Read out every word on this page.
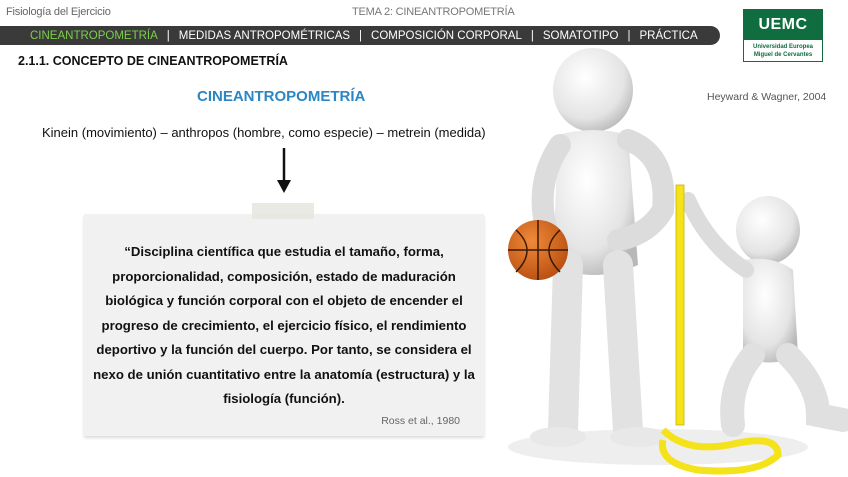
Fisiología del Ejercicio	TEMA 2: CINEANTROPOMETRÍA
UEMC
Universidad Europea
Miguel de Cervantes
CINEANTROPOMETRÍA | MEDIDAS ANTROPOMÉTRICAS | COMPOSICIÓN CORPORAL | SOMATOTIPO | PRÁCTICA
2.1.1. CONCEPTO DE CINEANTROPOMETRÍA
CINEANTROPOMETRÍA	Heyward & Wagner, 2004
Kinein (movimiento) – anthropos (hombre, como especie) – metrein (medida)
“Disciplina científica que estudia el tamaño, forma, proporcionalidad, composición, estado de maduración biológica y función corporal con el objeto de encender el progreso de crecimiento, el ejercicio físico, el rendimiento deportivo y la función del cuerpo. Por tanto, se considera el nexo de unión cuantitativo entre la anatomía (estructura) y la fisiología (función).
Ross et al., 1980
